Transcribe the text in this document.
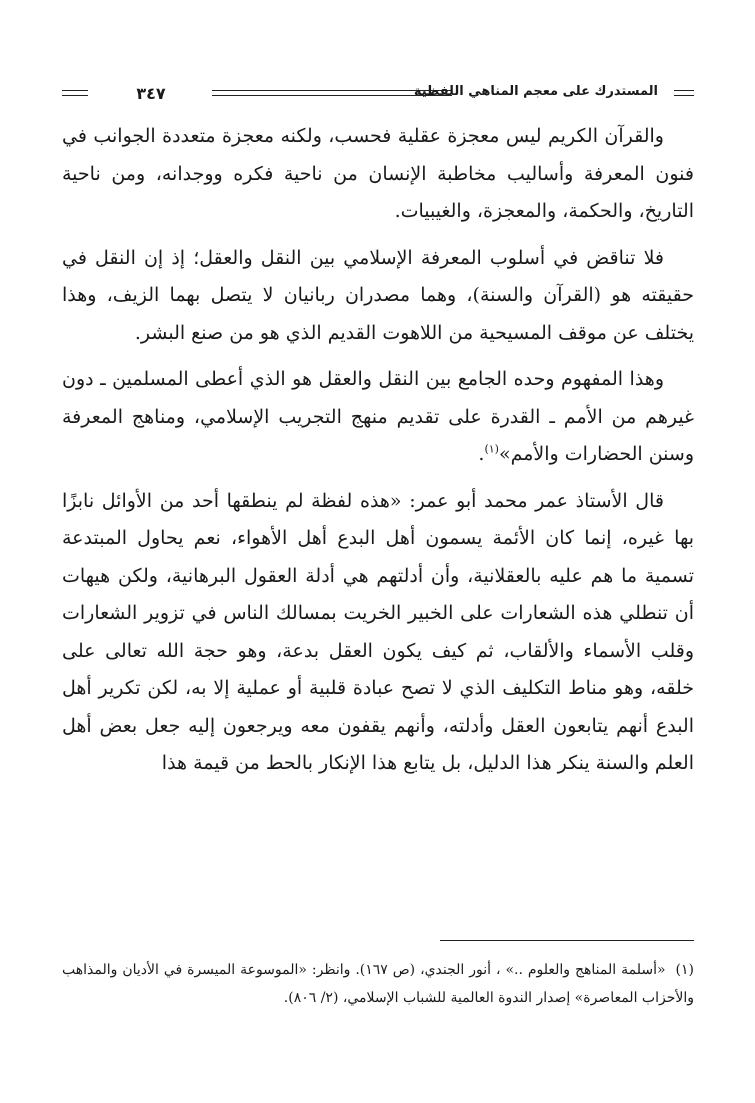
٣٤٧	المستدرك على معجم المناهي اللفظية

والقرآن الكريم ليس معجزة عقلية فحسب، ولكنه معجزة متعددة الجوانب في فنون المعرفة وأساليب مخاطبة الإنسان من ناحية فكره ووجدانه، ومن ناحية التاريخ، والحكمة، والمعجزة، والغيبيات.

فلا تناقض في أسلوب المعرفة الإسلامي بين النقل والعقل؛ إذ إن النقل في حقيقته هو (القرآن والسنة)، وهما مصدران ربانيان لا يتصل بهما الزيف، وهذا يختلف عن موقف المسيحية من اللاهوت القديم الذي هو من صنع البشر.

وهذا المفهوم وحده الجامع بين النقل والعقل هو الذي أعطى المسلمين ـ دون غيرهم من الأمم ـ القدرة على تقديم منهج التجريب الإسلامي، ومناهج المعرفة وسنن الحضارات والأمم»$^{(١)}$.

قال الأستاذ عمر محمد أبو عمر: «هذه لفظة لم ينطقها أحد من الأوائل نابزًا بها غيره، إنما كان الأئمة يسمون أهل البدع أهل الأهواء، نعم يحاول المبتدعة تسمية ما هم عليه بالعقلانية، وأن أدلتهم هي أدلة العقول البرهانية، ولكن هيهات أن تنطلي هذه الشعارات على الخبير الخريت بمسالك الناس في تزوير الشعارات وقلب الأسماء والألقاب، ثم كيف يكون العقل بدعة، وهو حجة الله تعالى على خلقه، وهو مناط التكليف الذي لا تصح عبادة قلبية أو عملية إلا به، لكن تكرير أهل البدع أنهم يتابعون العقل وأدلته، وأنهم يقفون معه ويرجعون إليه جعل بعض أهل العلم والسنة ينكر هذا الدليل، بل يتابع هذا الإنكار بالحط من قيمة هذا

(١)«أسلمة المناهج والعلوم ..» ، أنور الجندي، (ص ١٦٧). وانظر: «الموسوعة الميسرة في الأديان والمذاهب والأحزاب المعاصرة» إصدار الندوة العالمية للشباب الإسلامي، (٢/ ٨٠٦).
